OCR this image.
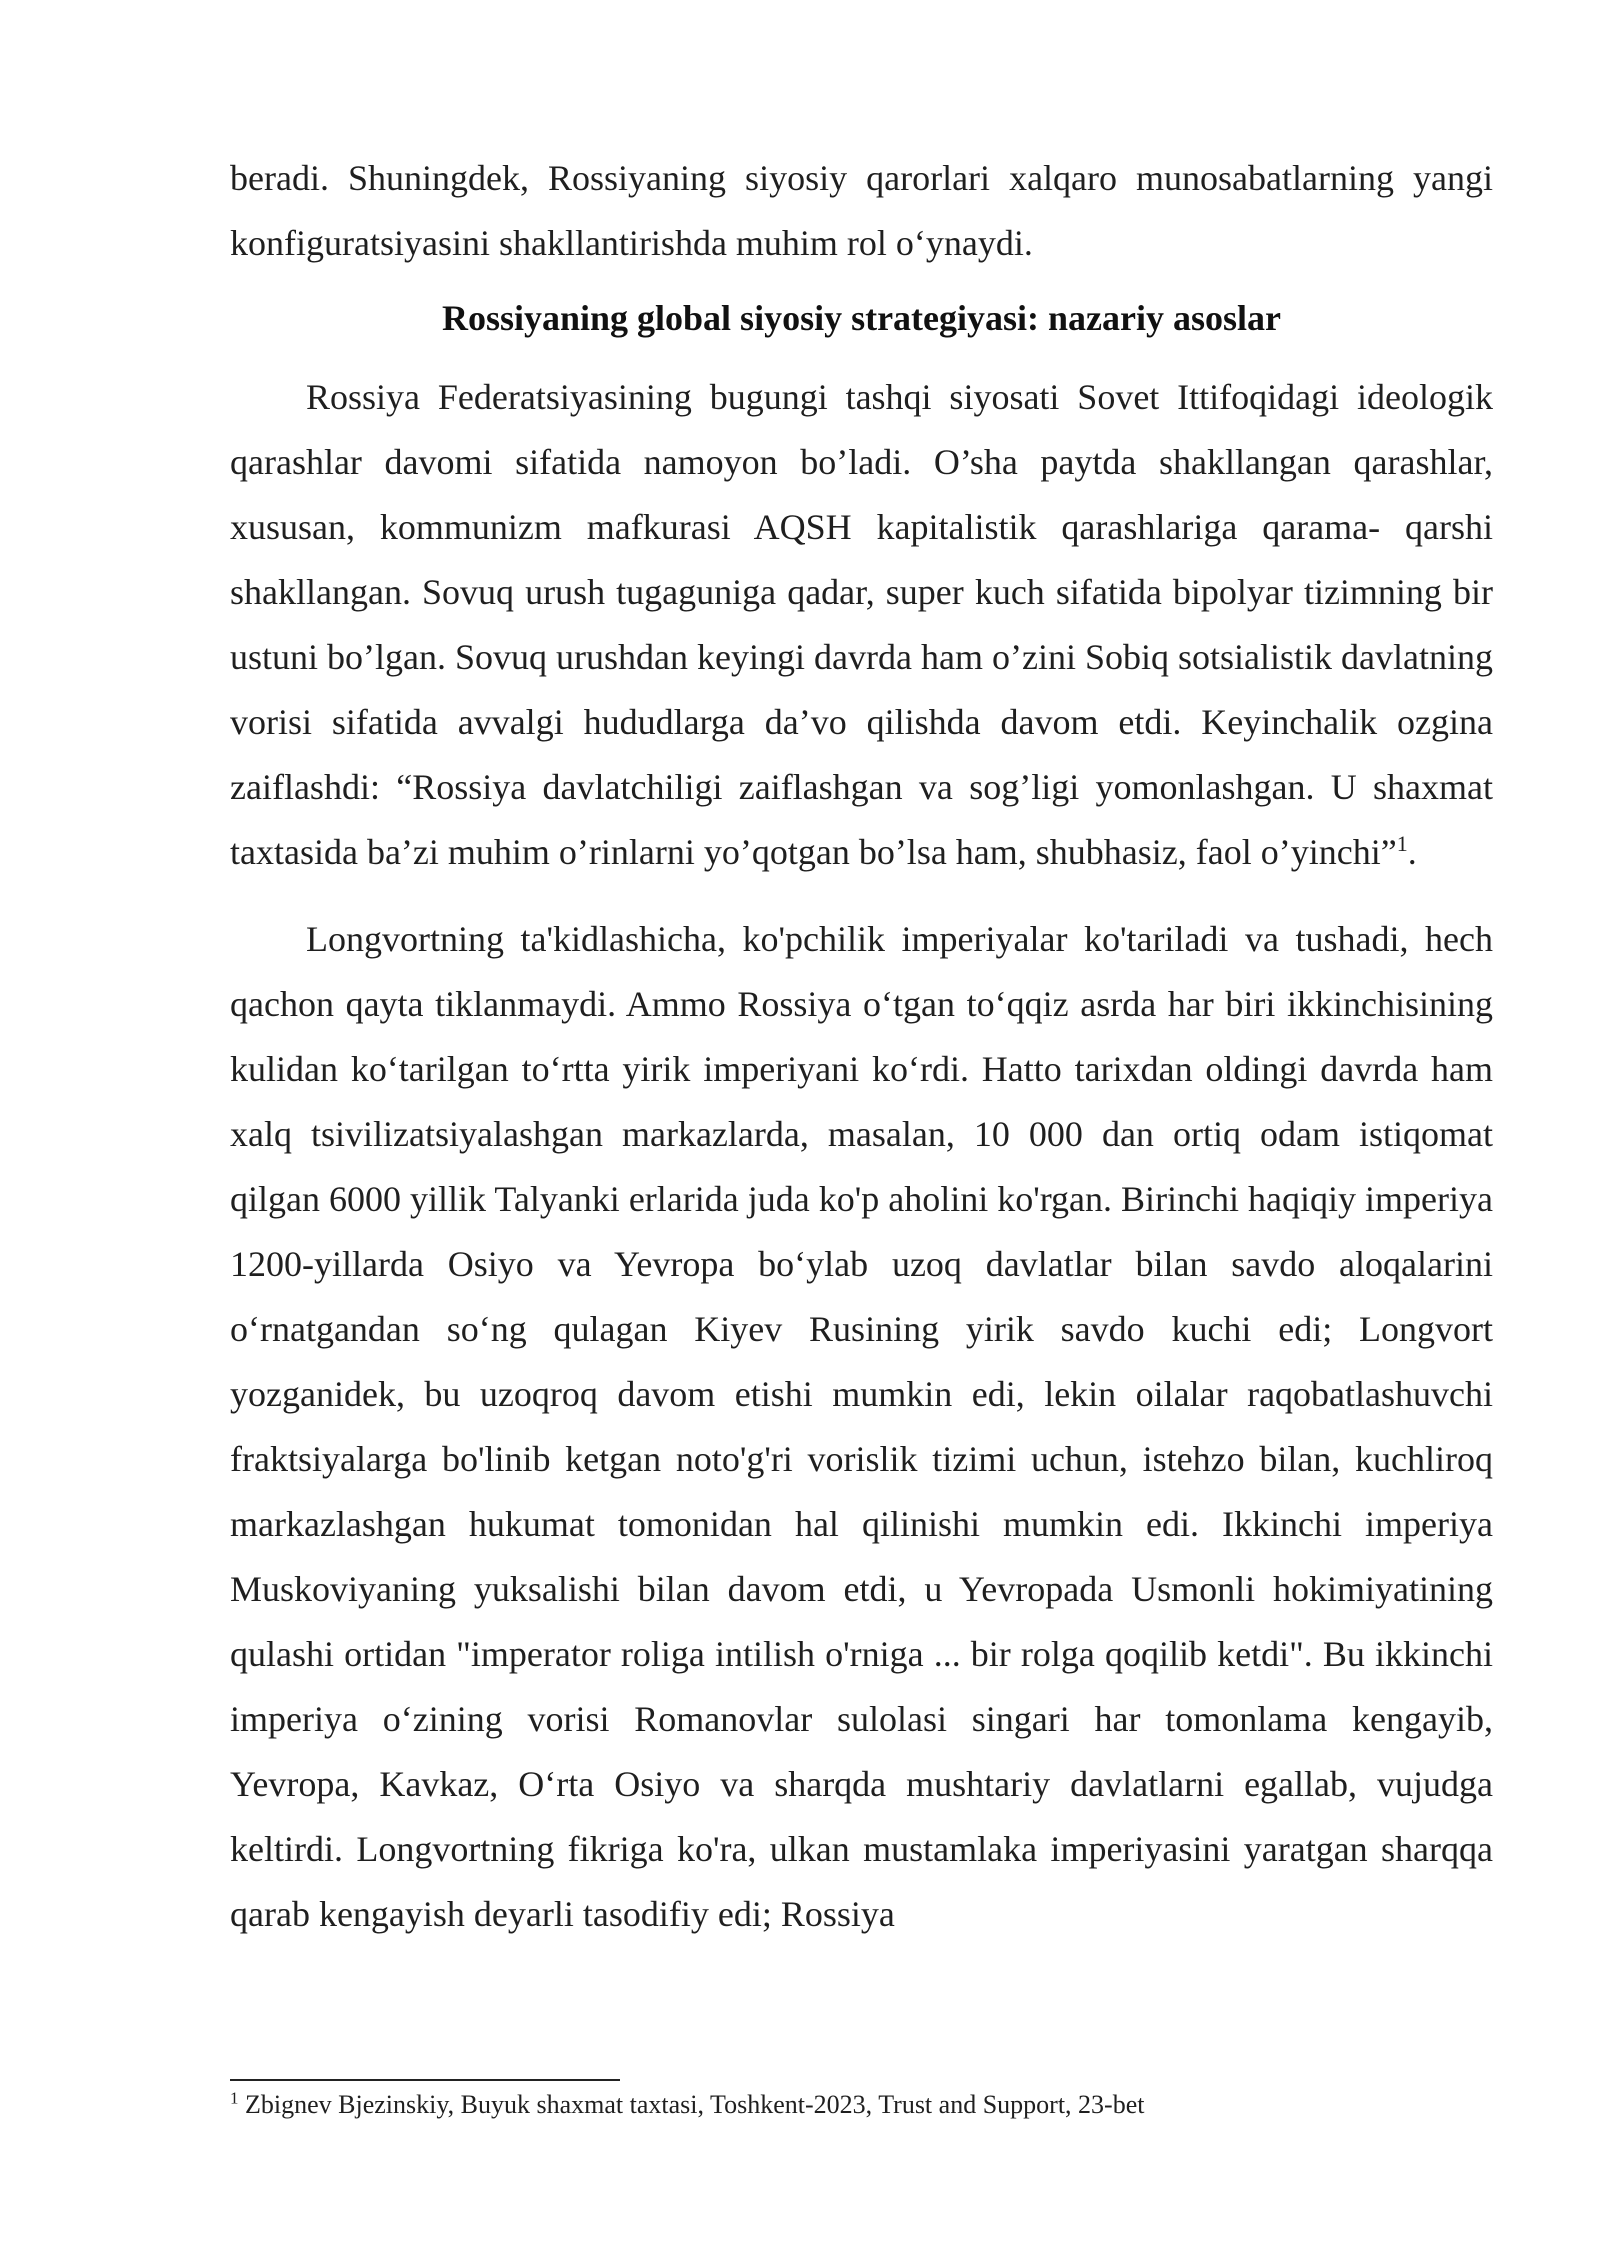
beradi. Shuningdek, Rossiyaning siyosiy qarorlari xalqaro munosabatlarning yangi konfiguratsiyasini shakllantirishda muhim rol o‘ynaydi.

Rossiyaning global siyosiy strategiyasi: nazariy asoslar

Rossiya Federatsiyasining bugungi tashqi siyosati Sovet Ittifoqidagi ideologik qarashlar davomi sifatida namoyon bo’ladi. O’sha paytda shakllangan qarashlar, xususan, kommunizm mafkurasi AQSH kapitalistik qarashlariga qarama- qarshi shakllangan. Sovuq urush tugaguniga qadar, super kuch sifatida bipolyar tizimning bir ustuni bo’lgan. Sovuq urushdan keyingi davrda ham o’zini Sobiq sotsialistik davlatning vorisi sifatida avvalgi hududlarga da’vo qilishda davom etdi. Keyinchalik ozgina zaiflashdi: “Rossiya davlatchiligi zaiflashgan va sog’ligi yomonlashgan. U shaxmat taxtasida ba’zi muhim o’rinlarni yo’qotgan bo’lsa ham, shubhasiz, faol o’yinchi”$^1$.

Longvortning ta'kidlashicha, ko'pchilik imperiyalar ko'tariladi va tushadi, hech qachon qayta tiklanmaydi. Ammo Rossiya o‘tgan to‘qqiz asrda har biri ikkinchisining kulidan ko‘tarilgan to‘rtta yirik imperiyani ko‘rdi. Hatto tarixdan oldingi davrda ham xalq tsivilizatsiyalashgan markazlarda, masalan, 10 000 dan ortiq odam istiqomat qilgan 6000 yillik Talyanki erlarida juda ko'p aholini ko'rgan. Birinchi haqiqiy imperiya 1200-yillarda Osiyo va Yevropa bo‘ylab uzoq davlatlar bilan savdo aloqalarini o‘rnatgandan so‘ng qulagan Kiyev Rusining yirik savdo kuchi edi; Longvort yozganidek, bu uzoqroq davom etishi mumkin edi, lekin oilalar raqobatlashuvchi fraktsiyalarga bo'linib ketgan noto'g'ri vorislik tizimi uchun, istehzo bilan, kuchliroq markazlashgan hukumat tomonidan hal qilinishi mumkin edi. Ikkinchi imperiya Muskoviyaning yuksalishi bilan davom etdi, u Yevropada Usmonli hokimiyatining qulashi ortidan "imperator roliga intilish o'rniga ... bir rolga qoqilib ketdi". Bu ikkinchi imperiya o‘zining vorisi Romanovlar sulolasi singari har tomonlama kengayib, Yevropa, Kavkaz, O‘rta Osiyo va sharqda mushtariy davlatlarni egallab, vujudga keltirdi. Longvortning fikriga ko'ra, ulkan mustamlaka imperiyasini yaratgan sharqqa qarab kengayish deyarli tasodifiy edi; Rossiya

$^1$ Zbignev Bjezinskiy, Buyuk shaxmat taxtasi, Toshkent-2023, Trust and Support, 23-bet
